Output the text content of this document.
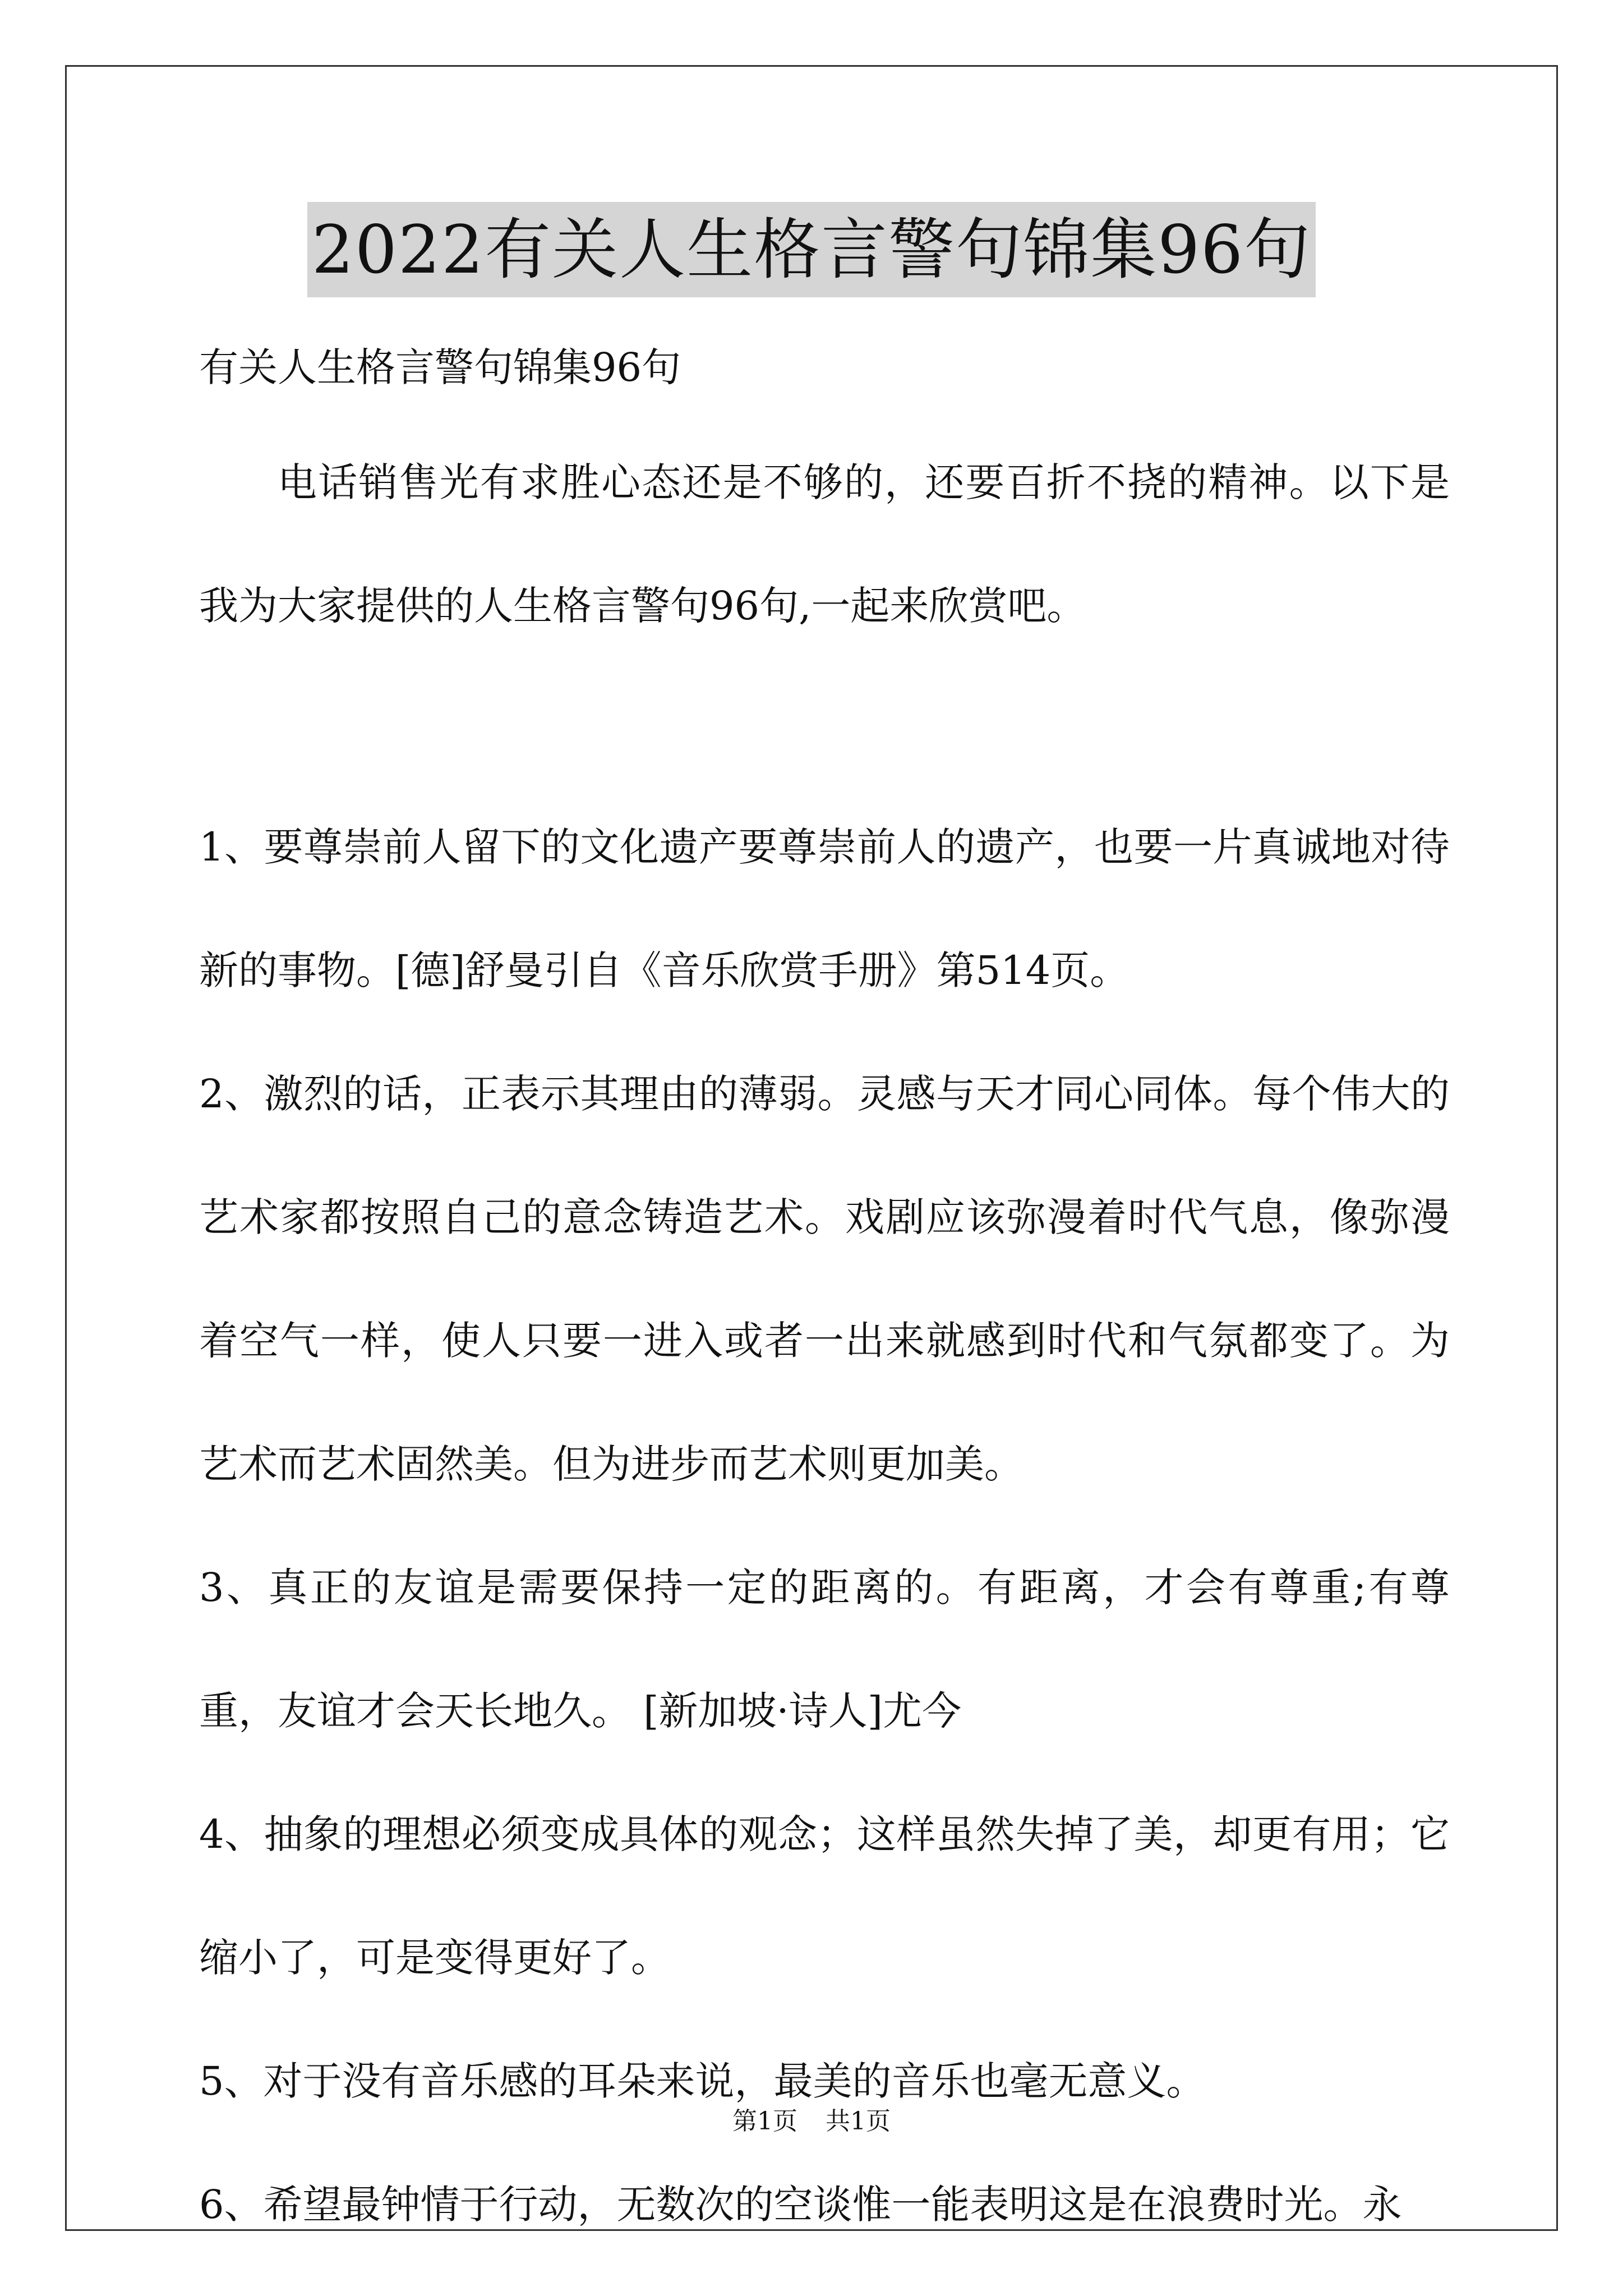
2022有关人生格言警句锦集96句

有关人生格言警句锦集96句

电话销售光有求胜心态还是不够的，还要百折不挠的精神。以下是我为大家提供的人生格言警句96句,一起来欣赏吧。

1、要尊崇前人留下的文化遗产要尊崇前人的遗产，也要一片真诚地对待新的事物。[德]舒曼引自《音乐欣赏手册》第514页。

2、激烈的话，正表示其理由的薄弱。灵感与天才同心同体。每个伟大的艺术家都按照自己的意念铸造艺术。戏剧应该弥漫着时代气息，像弥漫着空气一样，使人只要一进入或者一出来就感到时代和气氛都变了。为艺术而艺术固然美。但为进步而艺术则更加美。

3、真正的友谊是需要保持一定的距离的。有距离，才会有尊重;有尊重，友谊才会天长地久。 [新加坡·诗人]尤今

4、抽象的理想必须变成具体的观念；这样虽然失掉了美，却更有用；它缩小了，可是变得更好了。

5、对于没有音乐感的耳朵来说，最美的音乐也毫无意义。

6、希望最钟情于行动，无数次的空谈惟一能表明这是在浪费时光。永

第1页 共1页
